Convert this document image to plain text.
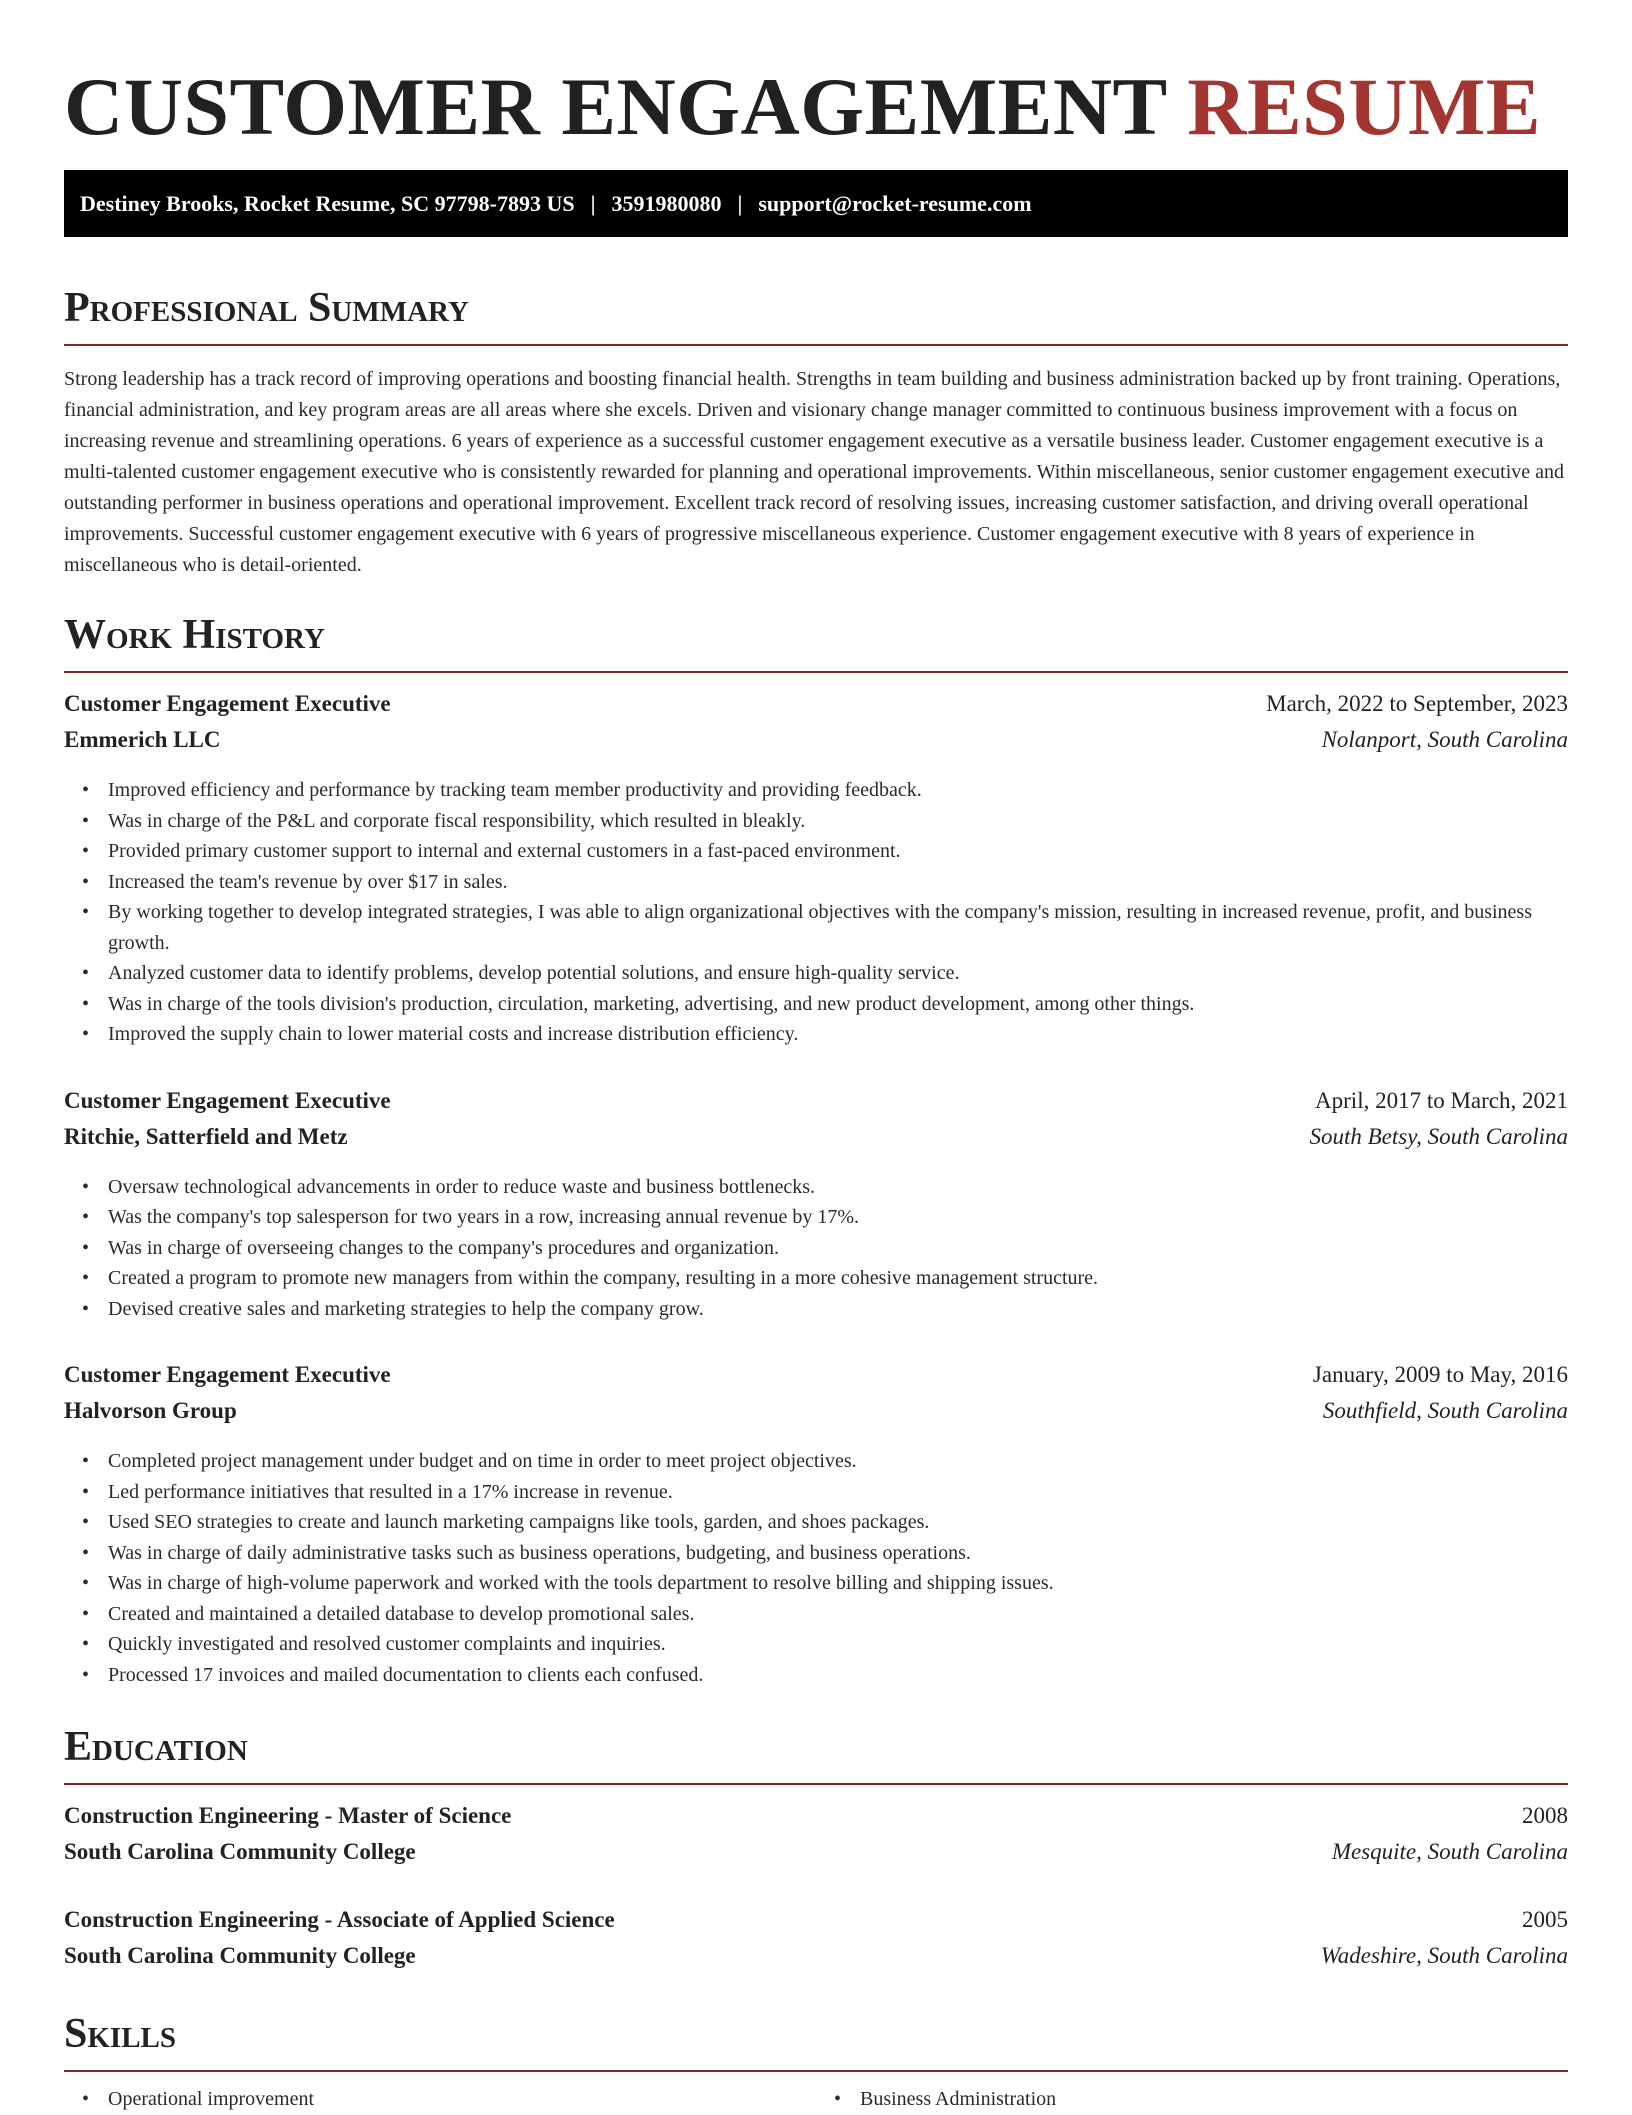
CUSTOMER ENGAGEMENT RESUME
Destiney Brooks, Rocket Resume, SC 97798-7893 US | 3591980080 | support@rocket-resume.com
Professional Summary

Strong leadership has a track record of improving operations and boosting financial health. Strengths in team building and business administration backed up by front training. Operations, financial administration, and key program areas are all areas where she excels. Driven and visionary change manager committed to continuous business improvement with a focus on increasing revenue and streamlining operations. 6 years of experience as a successful customer engagement executive as a versatile business leader. Customer engagement executive is a multi-talented customer engagement executive who is consistently rewarded for planning and operational improvements. Within miscellaneous, senior customer engagement executive and outstanding performer in business operations and operational improvement. Excellent track record of resolving issues, increasing customer satisfaction, and driving overall operational improvements. Successful customer engagement executive with 6 years of progressive miscellaneous experience. Customer engagement executive with 8 years of experience in miscellaneous who is detail-oriented.

Work History
Customer Engagement Executive	March, 2022 to September, 2023
Emmerich LLC	Nolanport, South Carolina
• Improved efficiency and performance by tracking team member productivity and providing feedback.
• Was in charge of the P&L and corporate fiscal responsibility, which resulted in bleakly.
• Provided primary customer support to internal and external customers in a fast-paced environment.
• Increased the team's revenue by over $17 in sales.
• By working together to develop integrated strategies, I was able to align organizational objectives with the company's mission, resulting in increased revenue, profit, and business growth.
• Analyzed customer data to identify problems, develop potential solutions, and ensure high-quality service.
• Was in charge of the tools division's production, circulation, marketing, advertising, and new product development, among other things.
• Improved the supply chain to lower material costs and increase distribution efficiency.
Customer Engagement Executive	April, 2017 to March, 2021
Ritchie, Satterfield and Metz	South Betsy, South Carolina
• Oversaw technological advancements in order to reduce waste and business bottlenecks.
• Was the company's top salesperson for two years in a row, increasing annual revenue by 17%.
• Was in charge of overseeing changes to the company's procedures and organization.
• Created a program to promote new managers from within the company, resulting in a more cohesive management structure.
• Devised creative sales and marketing strategies to help the company grow.
Customer Engagement Executive	January, 2009 to May, 2016
Halvorson Group	Southfield, South Carolina
• Completed project management under budget and on time in order to meet project objectives.
• Led performance initiatives that resulted in a 17% increase in revenue.
• Used SEO strategies to create and launch marketing campaigns like tools, garden, and shoes packages.
• Was in charge of daily administrative tasks such as business operations, budgeting, and business operations.
• Was in charge of high-volume paperwork and worked with the tools department to resolve billing and shipping issues.
• Created and maintained a detailed database to develop promotional sales.
• Quickly investigated and resolved customer complaints and inquiries.
• Processed 17 invoices and mailed documentation to clients each confused.
Education
Construction Engineering - Master of Science	2008
South Carolina Community College	Mesquite, South Carolina
Construction Engineering - Associate of Applied Science	2005
South Carolina Community College	Wadeshire, South Carolina
Skills
• Operational improvement
•	Business Administration
